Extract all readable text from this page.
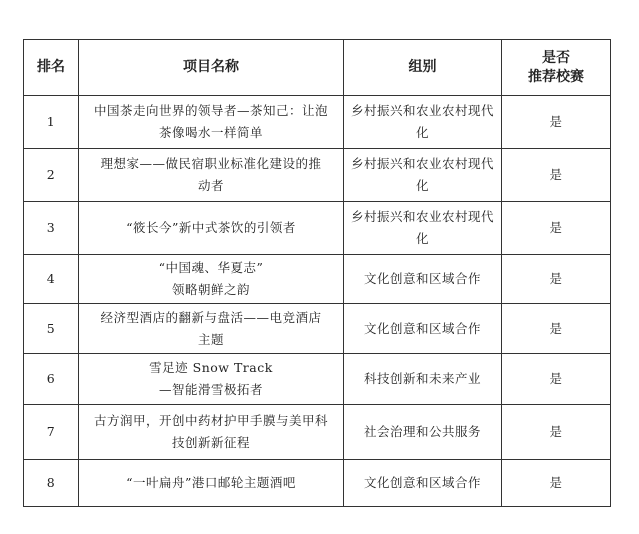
排名	项目名称	组别	是否
推荐校赛

1	中国茶走向世界的领导者—茶知己：让泡
茶像喝水一样简单	乡村振兴和农业农村现代
化	是
2	理想家——做民宿职业标准化建设的推
动者	乡村振兴和农业农村现代
化	是
3	“筱长今”新中式茶饮的引领者	乡村振兴和农业农村现代
化	是
4	“中国魂、华夏志”
领略朝鲜之韵	文化创意和区域合作	是
5	经济型酒店的翻新与盘活——电竞酒店
主题	文化创意和区域合作	是
6	雪足迹 Snow Track
—智能滑雪极拓者	科技创新和未来产业	是
7	古方润甲，开创中药材护甲手膜与美甲科
技创新新征程	社会治理和公共服务	是
8	“一叶扁舟”港口邮轮主题酒吧	文化创意和区域合作	是
